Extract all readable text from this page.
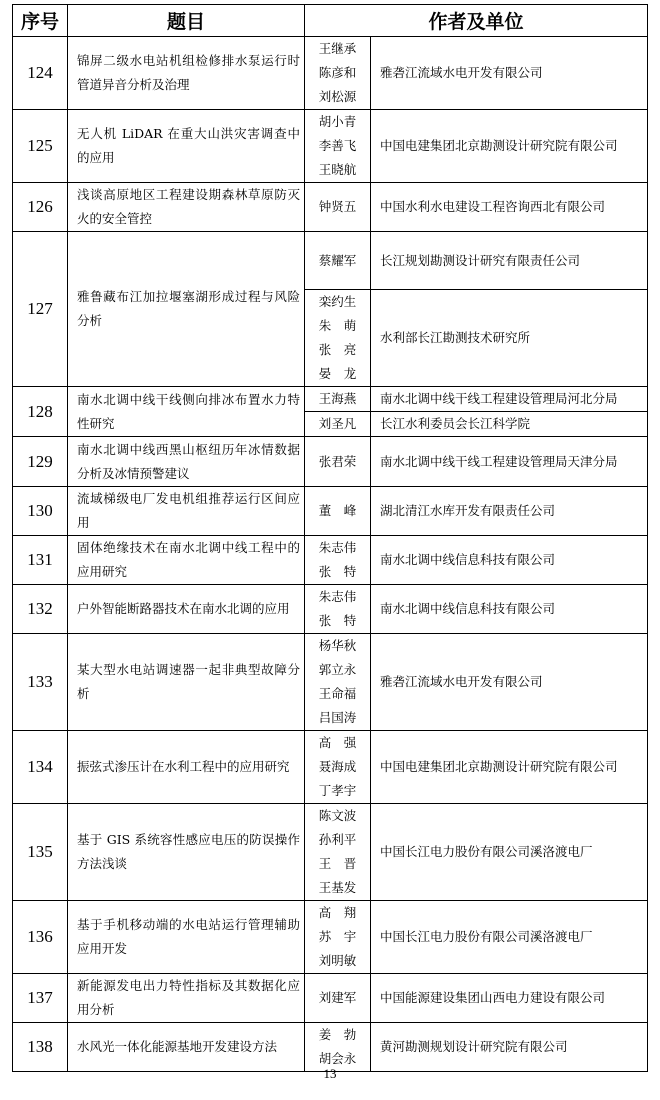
序号	题目	作者及单位	
124	锦屏二级水电站机组检修排水泵运行时管道异音分析及治理	王继承
陈彦和
刘松源	雅砻江流域水电开发有限公司
125	无人机 LiDAR 在重大山洪灾害调查中的应用	胡小青
李善飞
王晓航	中国电建集团北京勘测设计研究院有限公司
126	浅谈高原地区工程建设期森林草原防灭火的安全管控	钟贤五	中国水利水电建设工程咨询西北有限公司
127	雅鲁藏布江加拉堰塞湖形成过程与风险分析	蔡耀军	长江规划勘测设计研究有限责任公司

		栾约生
朱　萌
张　亮
晏　龙	水利部长江勘测技术研究所
128	南水北调中线干线侧向排冰布置水力特性研究	王海燕	南水北调中线干线工程建设管理局河北分局

		刘圣凡	长江水利委员会长江科学院
129	南水北调中线西黑山枢纽历年冰情数据分析及冰情预警建议	张君荣	南水北调中线干线工程建设管理局天津分局
130	流域梯级电厂发电机组推荐运行区间应用	董　峰	湖北清江水库开发有限责任公司
131	固体绝缘技术在南水北调中线工程中的应用研究	朱志伟
张　特	南水北调中线信息科技有限公司
132	户外智能断路器技术在南水北调的应用	朱志伟
张　特	南水北调中线信息科技有限公司
133	某大型水电站调速器一起非典型故障分析	杨华秋
郭立永
王命福
吕国涛	雅砻江流域水电开发有限公司
134	振弦式渗压计在水利工程中的应用研究	高　强
聂海成
丁孝宇	中国电建集团北京勘测设计研究院有限公司
135	基于 GIS 系统容性感应电压的防误操作方法浅谈	陈文波
孙利平
王　晋
王基发	中国长江电力股份有限公司溪洛渡电厂
136	基于手机移动端的水电站运行管理辅助应用开发	高　翔
苏　宇
刘明敏	中国长江电力股份有限公司溪洛渡电厂
137	新能源发电出力特性指标及其数据化应用分析	刘建军	中国能源建设集团山西电力建设有限公司
138	水风光一体化能源基地开发建设方法	姜　勃
胡会永	黄河勘测规划设计研究院有限公司
13
